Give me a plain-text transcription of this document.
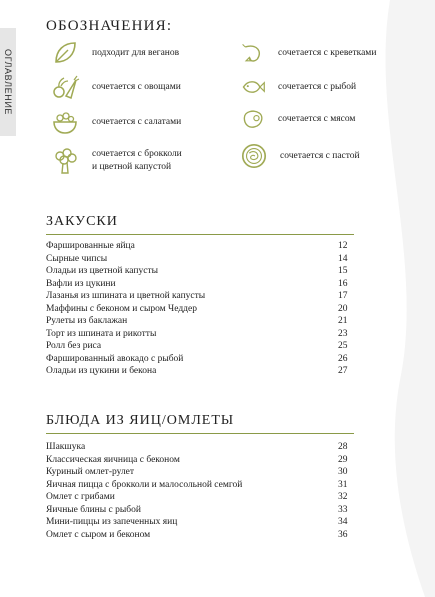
ОГЛАВЛЕНИЕ
ОБОЗНАЧЕНИЯ:
подходит для веганов
сочетается с овощами
сочетается с салатами
сочетается с брокколи
и цветной капустой
сочетается с креветками
сочетается с рыбой
сочетается с мясом
сочетается с пастой
ЗАКУСКИ
Фаршированные яйца	12
Сырные чипсы	14
Оладьи из цветной капусты	15
Вафли из цукини	16
Лазанья из шпината и цветной капусты	17
Маффины с беконом и сыром Чеддер	20
Рулеты из баклажан	21
Торт из шпината и рикотты	23
Ролл без риса	25
Фаршированный авокадо с рыбой	26
Оладьи из цукини и бекона	27
БЛЮДА ИЗ ЯИЦ/ОМЛЕТЫ
Шакшука	28
Классическая яичница с беконом	29
Куриный омлет-рулет	30
Яичная пицца с брокколи и малосольной семгой	31
Омлет с грибами	32
Яичные блины с рыбой	33
Мини-пиццы из запеченных яиц	34
Омлет с сыром и беконом	36
